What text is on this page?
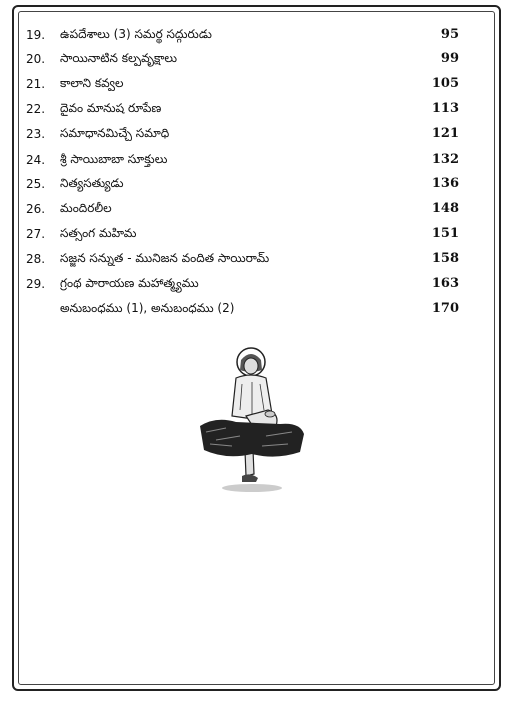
19. ఉపదేశాలు (3) సమర్థ సద్గురుడు	95
20. సాయినాటిన కల్పవృక్షాలు	99
21. కాలాని కవ్వల	105
22. దైవం మానుష రూపేణ	113
23. సమాధానమిచ్చే సమాధి	121
24. శ్రీ సాయిబాబా సూక్తులు	132
25. నిత్యసత్యుడు	136
26. మందిరలీల	148
27. సత్సంగ మహిమ	151
28. సజ్జన సన్నుత - మునిజన వందిత సాయిరామ్	158
29. గ్రంథ పారాయణ మహాత్మ్యము	163
అనుబంధము (1), అనుబంధము (2)	170
